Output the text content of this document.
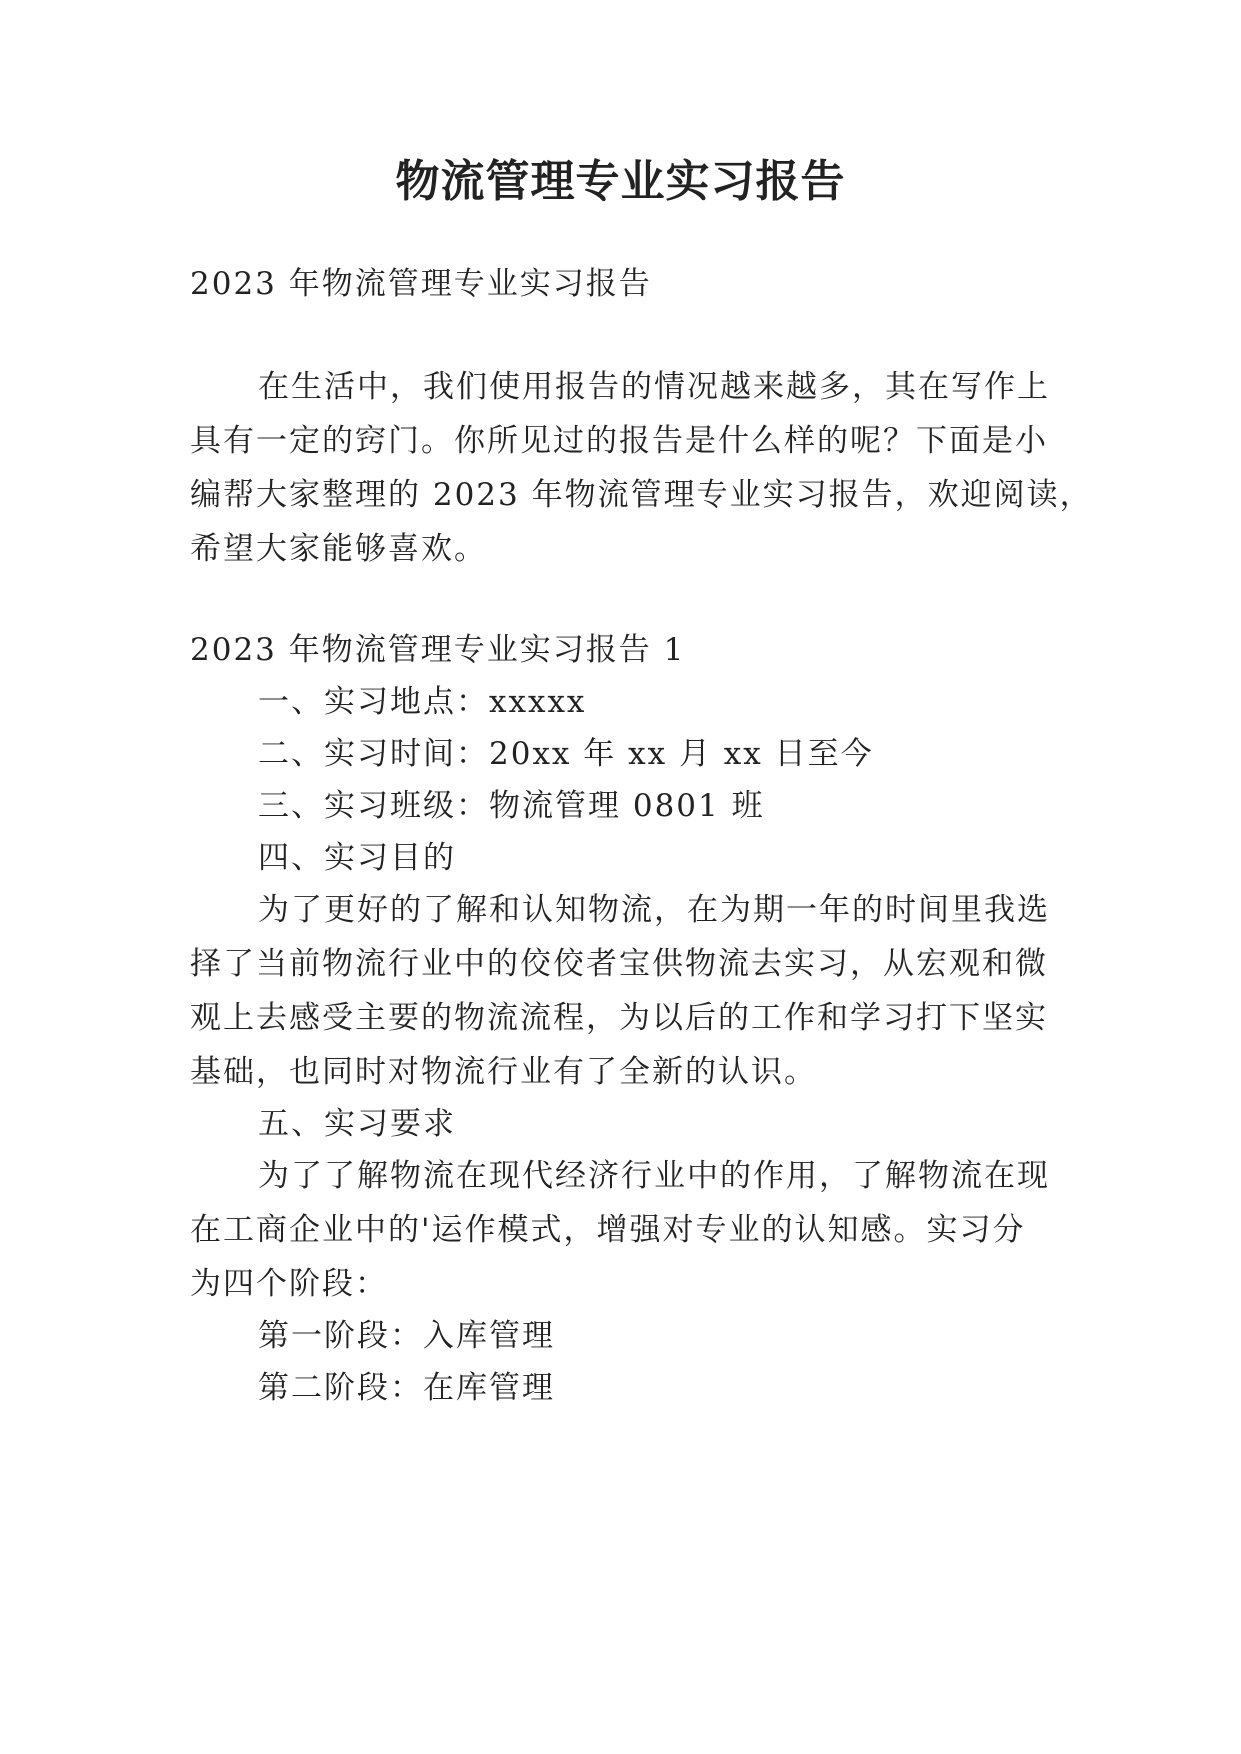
物流管理专业实习报告
2023 年物流管理专业实习报告
在生活中，我们使用报告的情况越来越多，其在写作上
具有一定的窍门。你所见过的报告是什么样的呢？下面是小
编帮大家整理的 2023 年物流管理专业实习报告，欢迎阅读，
希望大家能够喜欢。
2023 年物流管理专业实习报告 1
一、实习地点：xxxxx
二、实习时间：20xx 年 xx 月 xx 日至今
三、实习班级：物流管理 0801 班
四、实习目的
为了更好的了解和认知物流，在为期一年的时间里我选
择了当前物流行业中的佼佼者宝供物流去实习，从宏观和微
观上去感受主要的物流流程，为以后的工作和学习打下坚实
基础，也同时对物流行业有了全新的认识。
五、实习要求
为了了解物流在现代经济行业中的作用，了解物流在现
在工商企业中的'运作模式，增强对专业的认知感。实习分
为四个阶段：
第一阶段：入库管理
第二阶段：在库管理
